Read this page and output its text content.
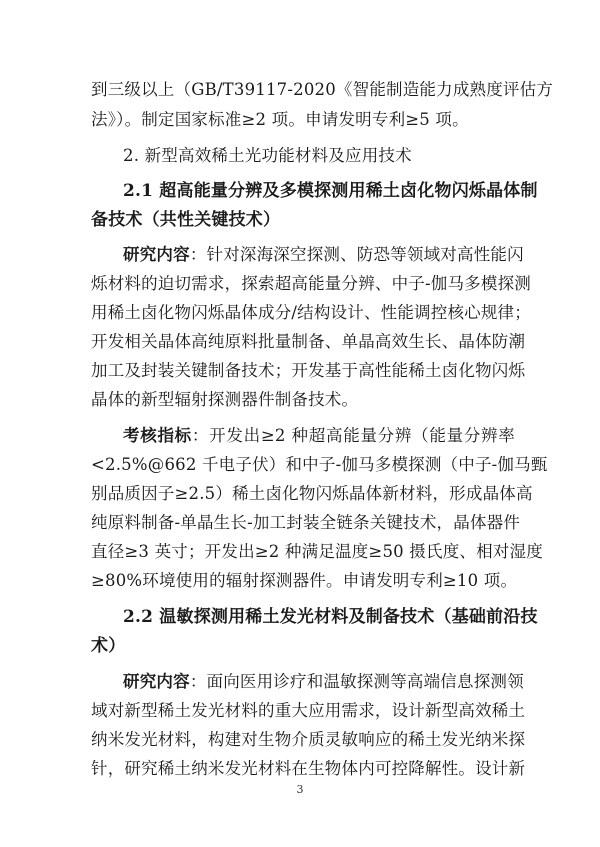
到三级以上（GB/T39117-2020《智能制造能力成熟度评估方
法》）。制定国家标准≥2 项。申请发明专利≥5 项。
2. 新型高效稀土光功能材料及应用技术
2.1 超高能量分辨及多模探测用稀土卤化物闪烁晶体制
备技术（共性关键技术）
研究内容：针对深海深空探测、防恐等领域对高性能闪
烁材料的迫切需求，探索超高能量分辨、中子-伽马多模探测
用稀土卤化物闪烁晶体成分/结构设计、性能调控核心规律；
开发相关晶体高纯原料批量制备、单晶高效生长、晶体防潮
加工及封装关键制备技术；开发基于高性能稀土卤化物闪烁
晶体的新型辐射探测器件制备技术。
考核指标：开发出≥2 种超高能量分辨（能量分辨率
<2.5%@662 千电子伏）和中子-伽马多模探测（中子-伽马甄
别品质因子≥2.5）稀土卤化物闪烁晶体新材料，形成晶体高
纯原料制备-单晶生长-加工封装全链条关键技术，晶体器件
直径≥3 英寸；开发出≥2 种满足温度≥50 摄氏度、相对湿度
≥80%环境使用的辐射探测器件。申请发明专利≥10 项。
2.2 温敏探测用稀土发光材料及制备技术（基础前沿技
术）
研究内容：面向医用诊疗和温敏探测等高端信息探测领
域对新型稀土发光材料的重大应用需求，设计新型高效稀土
纳米发光材料，构建对生物介质灵敏响应的稀土发光纳米探
针，研究稀土纳米发光材料在生物体内可控降解性。设计新
3
